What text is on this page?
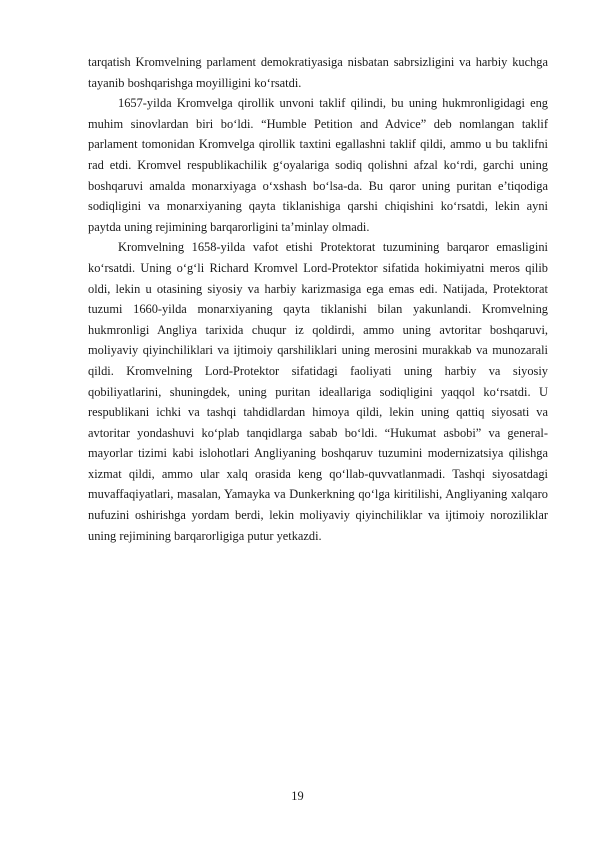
tarqatish Kromvelning parlament demokratiyasiga nisbatan sabrsizligini va harbiy kuchga tayanib boshqarishga moyilligini ko‘rsatdi.

1657-yilda Kromvelga qirollik unvoni taklif qilindi, bu uning hukmronligidagi eng muhim sinovlardan biri bo‘ldi. “Humble Petition and Advice” deb nomlangan taklif parlament tomonidan Kromvelga qirollik taxtini egallashni taklif qildi, ammo u bu taklifni rad etdi. Kromvel respublikachilik g‘oyalariga sodiq qolishni afzal ko‘rdi, garchi uning boshqaruvi amalda monarxiyaga o‘xshash bo‘lsa-da. Bu qaror uning puritan e’tiqodiga sodiqligini va monarxiyaning qayta tiklanishiga qarshi chiqishini ko‘rsatdi, lekin ayni paytda uning rejimining barqarorligini ta’minlay olmadi.

Kromvelning 1658-yilda vafot etishi Protektorat tuzumining barqaror emasligini ko‘rsatdi. Uning o‘g‘li Richard Kromvel Lord-Protektor sifatida hokimiyatni meros qilib oldi, lekin u otasining siyosiy va harbiy karizmasiga ega emas edi. Natijada, Protektorat tuzumi 1660-yilda monarxiyaning qayta tiklanishi bilan yakunlandi. Kromvelning hukmronligi Angliya tarixida chuqur iz qoldirdi, ammo uning avtoritar boshqaruvi, moliyaviy qiyinchiliklari va ijtimoiy qarshiliklari uning merosini murakkab va munozarali qildi. Kromvelning Lord-Protektor sifatidagi faoliyati uning harbiy va siyosiy qobiliyatlarini, shuningdek, uning puritan ideallariga sodiqligini yaqqol ko‘rsatdi. U respublikani ichki va tashqi tahdidlardan himoya qildi, lekin uning qattiq siyosati va avtoritar yondashuvi ko‘plab tanqidlarga sabab bo‘ldi. “Hukumat asbobi” va general-mayorlar tizimi kabi islohotlari Angliyaning boshqaruv tuzumini modernizatsiya qilishga xizmat qildi, ammo ular xalq orasida keng qo‘llab-quvvatlanmadi. Tashqi siyosatdagi muvaffaqiyatlari, masalan, Yamayka va Dunkerkning qo‘lga kiritilishi, Angliyaning xalqaro nufuzini oshirishga yordam berdi, lekin moliyaviy qiyinchiliklar va ijtimoiy noroziliklar uning rejimining barqarorligiga putur yetkazdi.

19
